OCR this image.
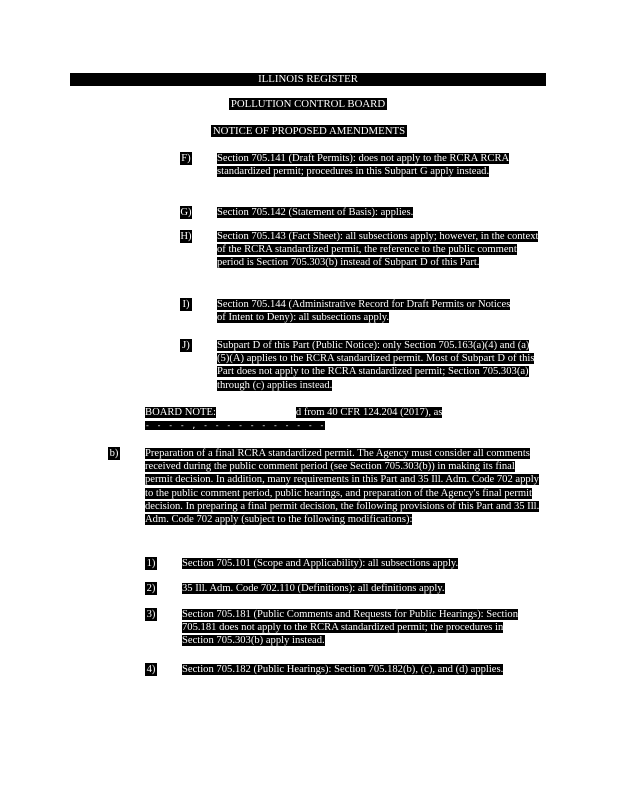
ILLINOIS REGISTER
POLLUTION CONTROL BOARD
NOTICE OF PROPOSED AMENDMENTS
F) Section 705.141 (Draft Permits): does not apply to the RCRA RCRA standardized permit; procedures in this Subpart G apply instead.
G) Section 705.142 (Statement of Basis): applies.
H) Section 705.143 (Fact Sheet): all subsections apply; however, in the context of the RCRA standardized permit, the reference to the public comment period is Section 705.303(b) instead of Subpart D of this Part.
I)	Section 705.144 (Administrative Record for Draft Permits or Notices of Intent to Deny): all subsections apply.
J)	Subpart D of this Part (Public Notice): only Section 705.163(a)(4) and (a)(5)(A) applies to the RCRA standardized permit. Most of Subpart D of this Part does not apply to the RCRA standardized permit; Section 705.303(a) through (c) applies instead.
BOARD NOTE:	d from 40 CFR 124.204 (2017), as
- - - - , - - - - - - - - - - -
b)	Preparation of a final RCRA standardized permit. The Agency must consider all comments received during the public comment period (see Section 705.303(b)) in making its final permit decision. In addition, many requirements in this Part and 35 Ill. Adm. Code 702 apply to the public comment period, public hearings, and preparation of the Agency's final permit decision. In preparing a final permit decision, the following provisions of this Part and 35 Ill. Adm. Code 702 apply (subject to the following modifications):
1)	Section 705.101 (Scope and Applicability): all subsections apply.
2)	35 Ill. Adm. Code 702.110 (Definitions): all definitions apply.
3)	Section 705.181 (Public Comments and Requests for Public Hearings): Section 705.181 does not apply to the RCRA standardized permit; the procedures in Section 705.303(b) apply instead.
4)	Section 705.182 (Public Hearings): Section 705.182(b), (c), and (d) applies.
